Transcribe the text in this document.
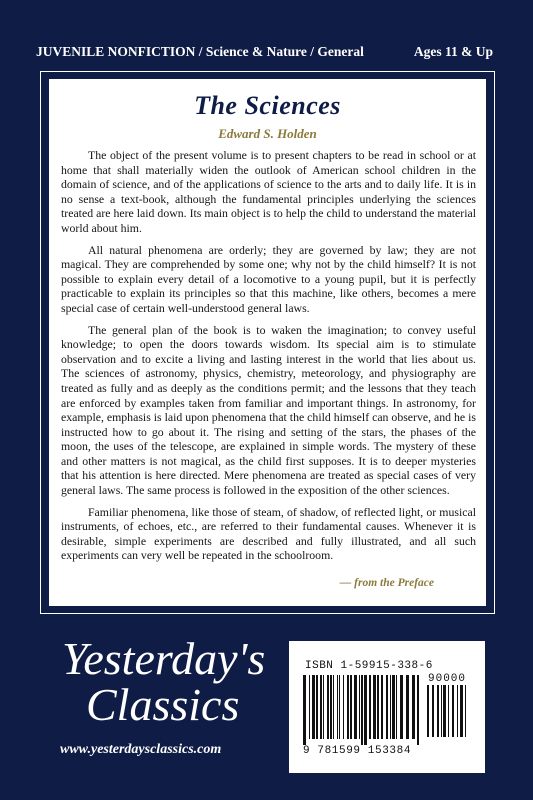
JUVENILE NONFICTION / Science & Nature / General	Ages 11 & Up
The Sciences
Edward S. Holden

The object of the present volume is to present chapters to be read in school or at home that shall materially widen the outlook of American school children in the domain of science, and of the applications of science to the arts and to daily life. It is in no sense a text-book, although the fundamental principles underlying the sciences treated are here laid down. Its main object is to help the child to understand the material world about him.

All natural phenomena are orderly; they are governed by law; they are not magical. They are comprehended by some one; why not by the child himself? It is not possible to explain every detail of a locomotive to a young pupil, but it is perfectly practicable to explain its principles so that this machine, like others, becomes a mere special case of certain well-understood general laws.

The general plan of the book is to waken the imagination; to convey useful knowledge; to open the doors towards wisdom. Its special aim is to stimulate observation and to excite a living and lasting interest in the world that lies about us. The sciences of astronomy, physics, chemistry, meteorology, and physiography are treated as fully and as deeply as the conditions permit; and the lessons that they teach are enforced by examples taken from familiar and important things. In astronomy, for example, emphasis is laid upon phenomena that the child himself can observe, and he is instructed how to go about it. The rising and setting of the stars, the phases of the moon, the uses of the telescope, are explained in simple words. The mystery of these and other matters is not magical, as the child first supposes. It is to deeper mysteries that his attention is here directed. Mere phenomena are treated as special cases of very general laws. The same process is followed in the exposition of the other sciences.

Familiar phenomena, like those of steam, of shadow, of reflected light, or musical instruments, of echoes, etc., are referred to their fundamental causes. Whenever it is desirable, simple experiments are described and fully illustrated, and all such experiments can very well be repeated in the schoolroom.

— from the Preface
Yesterday's
Classics
www.yesterdaysclassics.com
ISBN 1-59915-338-6
90000
9 781599 153384
